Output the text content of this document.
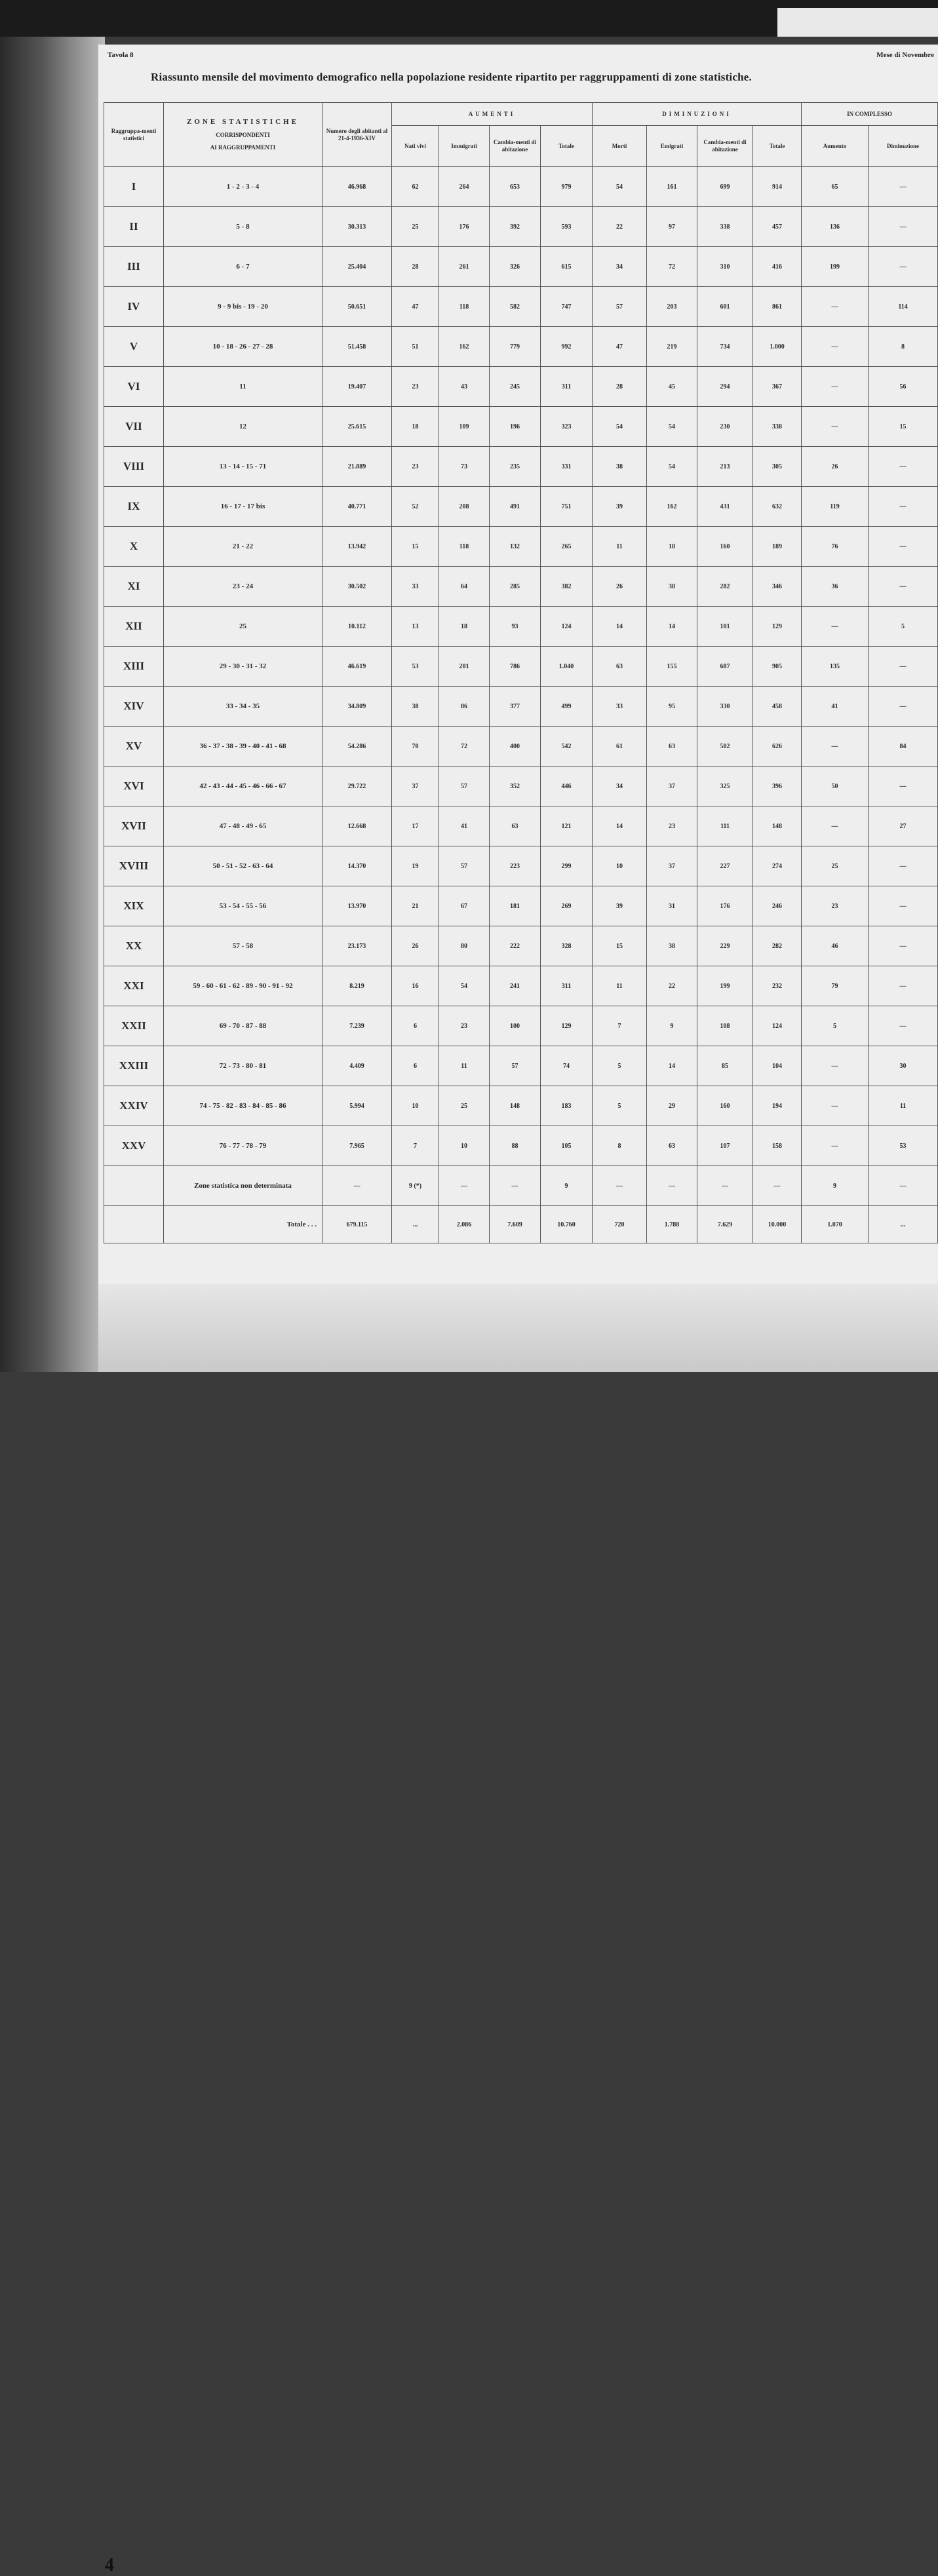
Tavola 8	Mese di Novembre
Riassunto mensile del movimento demografico nella popolazione residente ripartito per raggruppamenti di zone statistiche.
Raggruppa-menti statistici	ZONE STATISTICHE
CORRISPONDENTI
AI RAGGRUPPAMENTI	Numero degli abitanti al 21-4-1936-XIV	AUMENTI				DIMINUZIONI				IN COMPLESSO	
			Nati vivi	Immigrati	Cambia-menti di abitazione	Totale	Morti	Emigrati	Cambia-menti di abitazione	Totale	Aumento	Diminuzione
I	1 - 2 - 3 - 4	46.968	62	264	653	979	54	161	699	914	65	—
II	5 - 8	30.313	25	176	392	593	22	97	338	457	136	—
III	6 - 7	25.404	28	261	326	615	34	72	310	416	199	—
IV	9 - 9 bis - 19 - 20	50.651	47	118	582	747	57	203	601	861	—	114
V	10 - 18 - 26 - 27 - 28	51.458	51	162	779	992	47	219	734	1.000	—	8
VI	11	19.407	23	43	245	311	28	45	294	367	—	56
VII	12	25.615	18	109	196	323	54	54	230	338	—	15
VIII	13 - 14 - 15 - 71	21.889	23	73	235	331	38	54	213	305	26	—
IX	16 - 17 - 17 bis	40.771	52	208	491	751	39	162	431	632	119	—
X	21 - 22	13.942	15	118	132	265	11	18	160	189	76	—
XI	23 - 24	30.502	33	64	285	382	26	38	282	346	36	—
XII	25	10.112	13	18	93	124	14	14	101	129	—	5
XIII	29 - 30 - 31 - 32	46.619	53	201	786	1.040	63	155	687	905	135	—
XIV	33 - 34 - 35	34.809	38	86	377	499	33	95	330	458	41	—
XV	36 - 37 - 38 - 39 - 40 - 41 - 68	54.286	70	72	400	542	61	63	502	626	—	84
XVI	42 - 43 - 44 - 45 - 46 - 66 - 67	29.722	37	57	352	446	34	37	325	396	50	—
XVII	47 - 48 - 49 - 65	12.668	17	41	63	121	14	23	111	148	—	27
XVIII	50 - 51 - 52 - 63 - 64	14.370	19	57	223	299	10	37	227	274	25	—
XIX	53 - 54 - 55 - 56	13.970	21	67	181	269	39	31	176	246	23	—
XX	57 - 58	23.173	26	80	222	328	15	38	229	282	46	—
XXI	59 - 60 - 61 - 62 - 89 - 90 - 91 - 92	8.219	16	54	241	311	11	22	199	232	79	—
XXII	69 - 70 - 87 - 88	7.239	6	23	100	129	7	9	108	124	5	—
XXIII	72 - 73 - 80 - 81	4.409	6	11	57	74	5	14	85	104	—	30
XXIV	74 - 75 - 82 - 83 - 84 - 85 - 86	5.994	10	25	148	183	5	29	160	194	—	11
XXV	76 - 77 - 78 - 79	7.965	7	10	88	105	8	63	107	158	—	53
	Zone statistica non determinata	—	9 (*)	—	—	9	—	—	—	—	9	—
	Totale . . .	679.115	...	2.086	7.609	10.760	720	1.788	7.629	10.000	1.070	...
4
